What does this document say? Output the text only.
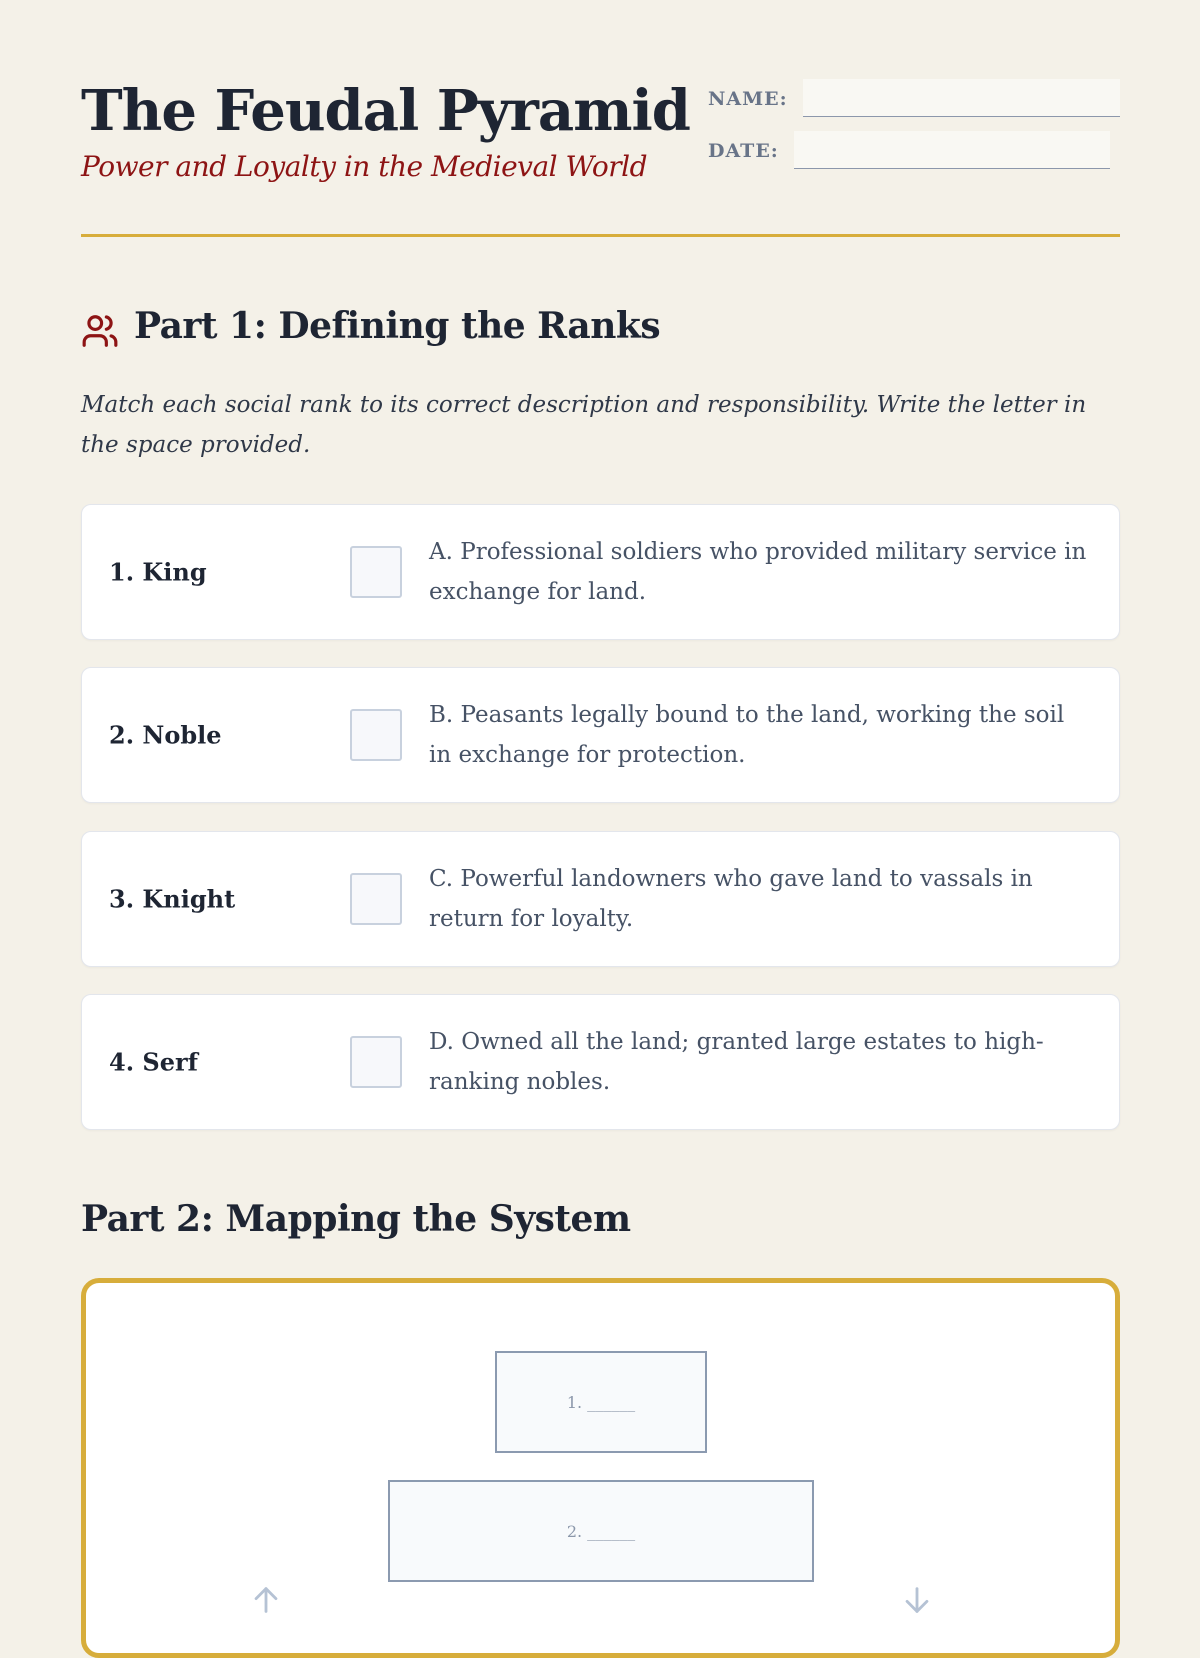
The Feudal Pyramid
Power and Loyalty in the Medieval World
NAME:
DATE:
Part 1: Defining the Ranks

Match each social rank to its correct description and responsibility. Write the letter in the space provided.

1. King
A. Professional soldiers who provided military service in exchange for land.
2. Noble
B. Peasants legally bound to the land, working the soil in exchange for protection.
3. Knight
C. Powerful landowners who gave land to vassals in return for loyalty.
4. Serf
D. Owned all the land; granted large estates to high-ranking nobles.
Part 2: Mapping the System
1. ______
2. ______
